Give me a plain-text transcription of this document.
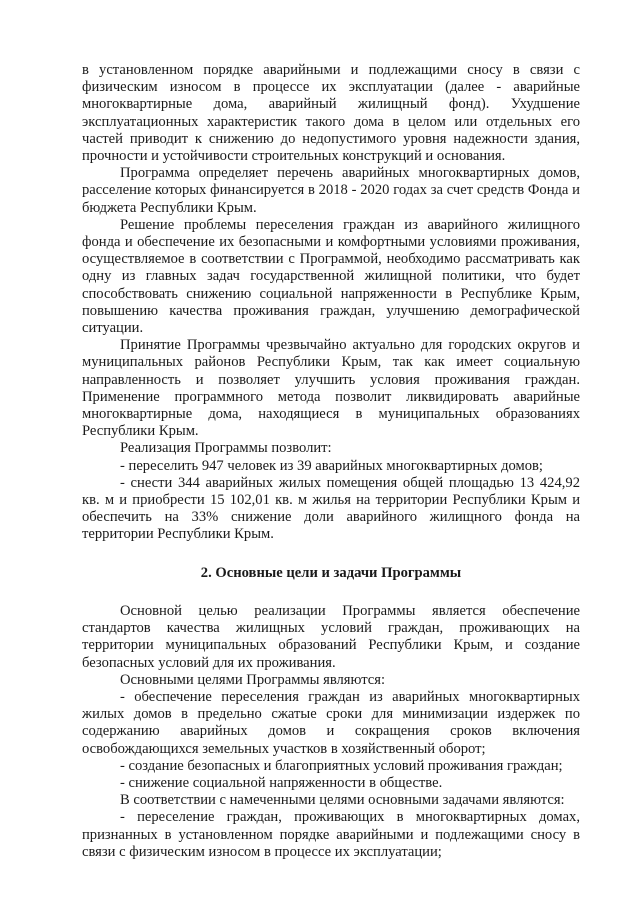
в установленном порядке аварийными и подлежащими сносу в связи с физическим износом в процессе их эксплуатации (далее - аварийные многоквартирные дома, аварийный жилищный фонд). Ухудшение эксплуатационных характеристик такого дома в целом или отдельных его частей приводит к снижению до недопустимого уровня надежности здания, прочности и устойчивости строительных конструкций и основания.

Программа определяет перечень аварийных многоквартирных домов, расселение которых финансируется в 2018 - 2020 годах за счет средств Фонда и бюджета Республики Крым.

Решение проблемы переселения граждан из аварийного жилищного фонда и обеспечение их безопасными и комфортными условиями проживания, осуществляемое в соответствии с Программой, необходимо рассматривать как одну из главных задач государственной жилищной политики, что будет способствовать снижению социальной напряженности в Республике Крым, повышению качества проживания граждан, улучшению демографической ситуации.

Принятие Программы чрезвычайно актуально для городских округов и муниципальных районов Республики Крым, так как имеет социальную направленность и позволяет улучшить условия проживания граждан. Применение программного метода позволит ликвидировать аварийные многоквартирные дома, находящиеся в муниципальных образованиях Республики Крым.

Реализация Программы позволит:

- переселить 947 человек из 39 аварийных многоквартирных домов;

- снести 344 аварийных жилых помещения общей площадью 13 424,92 кв. м и приобрести 15 102,01 кв. м жилья на территории Республики Крым и обеспечить на 33% снижение доли аварийного жилищного фонда на территории Республики Крым.

2. Основные цели и задачи Программы

Основной целью реализации Программы является обеспечение стандартов качества жилищных условий граждан, проживающих на территории муниципальных образований Республики Крым, и создание безопасных условий для их проживания.

Основными целями Программы являются:

- обеспечение переселения граждан из аварийных многоквартирных жилых домов в предельно сжатые сроки для минимизации издержек по содержанию аварийных домов и сокращения сроков включения освобождающихся земельных участков в хозяйственный оборот;

- создание безопасных и благоприятных условий проживания граждан;

- снижение социальной напряженности в обществе.

В соответствии с намеченными целями основными задачами являются:

- переселение граждан, проживающих в многоквартирных домах, признанных в установленном порядке аварийными и подлежащими сносу в связи с физическим износом в процессе их эксплуатации;
